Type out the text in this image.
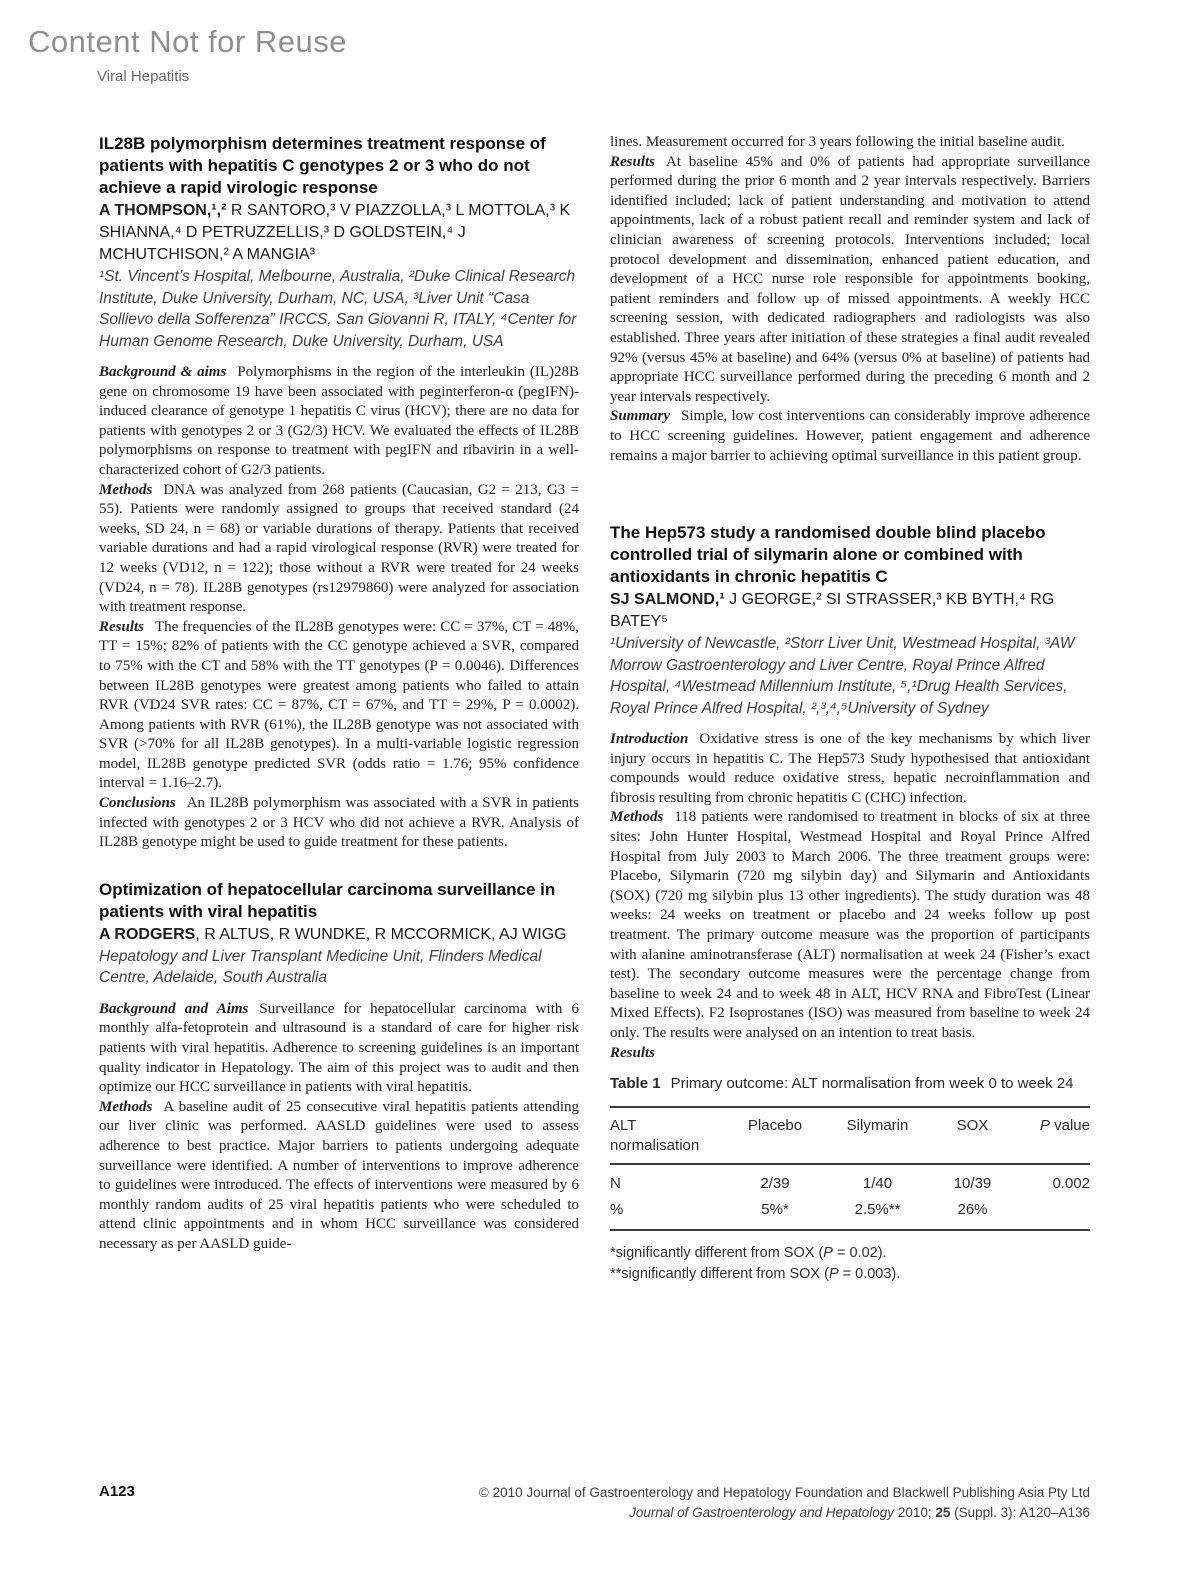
Content Not for Reuse
Viral Hepatitis
IL28B polymorphism determines treatment response of patients with hepatitis C genotypes 2 or 3 who do not achieve a rapid virologic response

A THOMPSON,¹,² R SANTORO,³ V PIAZZOLLA,³ L MOTTOLA,³ K SHIANNA,⁴ D PETRUZZELLIS,³ D GOLDSTEIN,⁴ J MCHUTCHISON,² A MANGIA³

¹St. Vincent’s Hospital, Melbourne, Australia, ²Duke Clinical Research Institute, Duke University, Durham, NC, USA, ³Liver Unit “Casa Sollievo della Sofferenza” IRCCS, San Giovanni R, ITALY, ⁴Center for Human Genome Research, Duke University, Durham, USA

Background & aims Polymorphisms in the region of the interleukin (IL)28B gene on chromosome 19 have been associated with peginterferon-α (pegIFN)-induced clearance of genotype 1 hepatitis C virus (HCV); there are no data for patients with genotypes 2 or 3 (G2/3) HCV. We evaluated the effects of IL28B polymorphisms on response to treatment with pegIFN and ribavirin in a well-characterized cohort of G2/3 patients.

Methods DNA was analyzed from 268 patients (Caucasian, G2 = 213, G3 = 55). Patients were randomly assigned to groups that received standard (24 weeks, SD 24, n = 68) or variable durations of therapy. Patients that received variable durations and had a rapid virological response (RVR) were treated for 12 weeks (VD12, n = 122); those without a RVR were treated for 24 weeks (VD24, n = 78). IL28B genotypes (rs12979860) were analyzed for association with treatment response.

Results The frequencies of the IL28B genotypes were: CC = 37%, CT = 48%, TT = 15%; 82% of patients with the CC genotype achieved a SVR, compared to 75% with the CT and 58% with the TT genotypes (P = 0.0046). Differences between IL28B genotypes were greatest among patients who failed to attain RVR (VD24 SVR rates: CC = 87%, CT = 67%, and TT = 29%, P = 0.0002). Among patients with RVR (61%), the IL28B genotype was not associated with SVR (>70% for all IL28B genotypes). In a multi-variable logistic regression model, IL28B genotype predicted SVR (odds ratio = 1.76; 95% confidence interval = 1.16–2.7).

Conclusions An IL28B polymorphism was associated with a SVR in patients infected with genotypes 2 or 3 HCV who did not achieve a RVR. Analysis of IL28B genotype might be used to guide treatment for these patients.

Optimization of hepatocellular carcinoma surveillance in patients with viral hepatitis

A RODGERS, R ALTUS, R WUNDKE, R MCCORMICK, AJ WIGG

Hepatology and Liver Transplant Medicine Unit, Flinders Medical Centre, Adelaide, South Australia

Background and Aims Surveillance for hepatocellular carcinoma with 6 monthly alfa-fetoprotein and ultrasound is a standard of care for higher risk patients with viral hepatitis. Adherence to screening guidelines is an important quality indicator in Hepatology. The aim of this project was to audit and then optimize our HCC surveillance in patients with viral hepatitis.

Methods A baseline audit of 25 consecutive viral hepatitis patients attending our liver clinic was performed. AASLD guidelines were used to assess adherence to best practice. Major barriers to patients undergoing adequate surveillance were identified. A number of interventions to improve adherence to guidelines were introduced. The effects of interventions were measured by 6 monthly random audits of 25 viral hepatitis patients who were scheduled to attend clinic appointments and in whom HCC surveillance was considered necessary as per AASLD guide-

lines. Measurement occurred for 3 years following the initial baseline audit.

Results At baseline 45% and 0% of patients had appropriate surveillance performed during the prior 6 month and 2 year intervals respectively. Barriers identified included; lack of patient understanding and motivation to attend appointments, lack of a robust patient recall and reminder system and lack of clinician awareness of screening protocols. Interventions included; local protocol development and dissemination, enhanced patient education, and development of a HCC nurse role responsible for appointments booking, patient reminders and follow up of missed appointments. A weekly HCC screening session, with dedicated radiographers and radiologists was also established. Three years after initiation of these strategies a final audit revealed 92% (versus 45% at baseline) and 64% (versus 0% at baseline) of patients had appropriate HCC surveillance performed during the preceding 6 month and 2 year intervals respectively.

Summary Simple, low cost interventions can considerably improve adherence to HCC screening guidelines. However, patient engagement and adherence remains a major barrier to achieving optimal surveillance in this patient group.

The Hep573 study a randomised double blind placebo controlled trial of silymarin alone or combined with antioxidants in chronic hepatitis C

SJ SALMOND,¹ J GEORGE,² SI STRASSER,³ KB BYTH,⁴ RG BATEY⁵

¹University of Newcastle, ²Storr Liver Unit, Westmead Hospital, ³AW Morrow Gastroenterology and Liver Centre, Royal Prince Alfred Hospital, ⁴Westmead Millennium Institute, ⁵,¹Drug Health Services, Royal Prince Alfred Hospital, ²,³,⁴,⁵University of Sydney

Introduction Oxidative stress is one of the key mechanisms by which liver injury occurs in hepatitis C. The Hep573 Study hypothesised that antioxidant compounds would reduce oxidative stress, hepatic necroinflammation and fibrosis resulting from chronic hepatitis C (CHC) infection.

Methods 118 patients were randomised to treatment in blocks of six at three sites: John Hunter Hospital, Westmead Hospital and Royal Prince Alfred Hospital from July 2003 to March 2006. The three treatment groups were: Placebo, Silymarin (720 mg silybin day) and Silymarin and Antioxidants (SOX) (720 mg silybin plus 13 other ingredients). The study duration was 48 weeks: 24 weeks on treatment or placebo and 24 weeks follow up post treatment. The primary outcome measure was the proportion of participants with alanine aminotransferase (ALT) normalisation at week 24 (Fisher’s exact test). The secondary outcome measures were the percentage change from baseline to week 24 and to week 48 in ALT, HCV RNA and FibroTest (Linear Mixed Effects). F2 Isoprostanes (ISO) was measured from baseline to week 24 only. The results were analysed on an intention to treat basis.

Results

Table 1 Primary outcome: ALT normalisation from week 0 to week 24

ALT normalisation	Placebo	Silymarin	SOX	P value
N	2/39	1/40	10/39	0.002
%	5%*	2.5%**	26%	

*significantly different from SOX (P = 0.02).

**significantly different from SOX (P = 0.003).

A123	© 2010 Journal of Gastroenterology and Hepatology Foundation and Blackwell Publishing Asia Pty Ltd
Journal of Gastroenterology and Hepatology 2010; 25 (Suppl. 3): A120–A136
